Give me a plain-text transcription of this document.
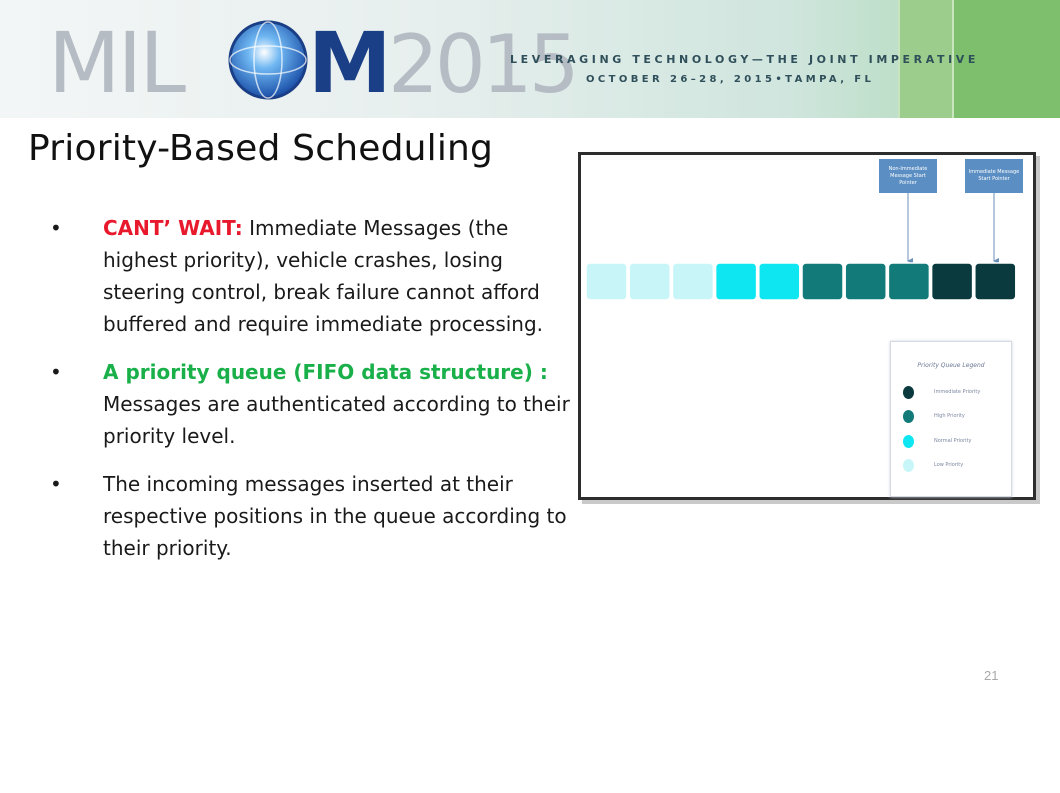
MIL M 2015
LEVERAGING TECHNOLOGY—THE JOINT IMPERATIVE
OCTOBER 26–28, 2015•TAMPA, FL
Priority-Based Scheduling
• CANT’ WAIT: Immediate Messages (the highest priority), vehicle crashes, losing steering control, break failure cannot afford buffered and require immediate processing.
• A priority queue (FIFO data structure) : Messages are authenticated according to their priority level.
• The incoming messages inserted at their respective positions in the queue according to their priority.
Non-Immediate Message Start Pointer
Immediate Message Start Pointer
Priority Queue Legend
Immediate Priority
High Priority
Normal Priority
Low Priority
21
